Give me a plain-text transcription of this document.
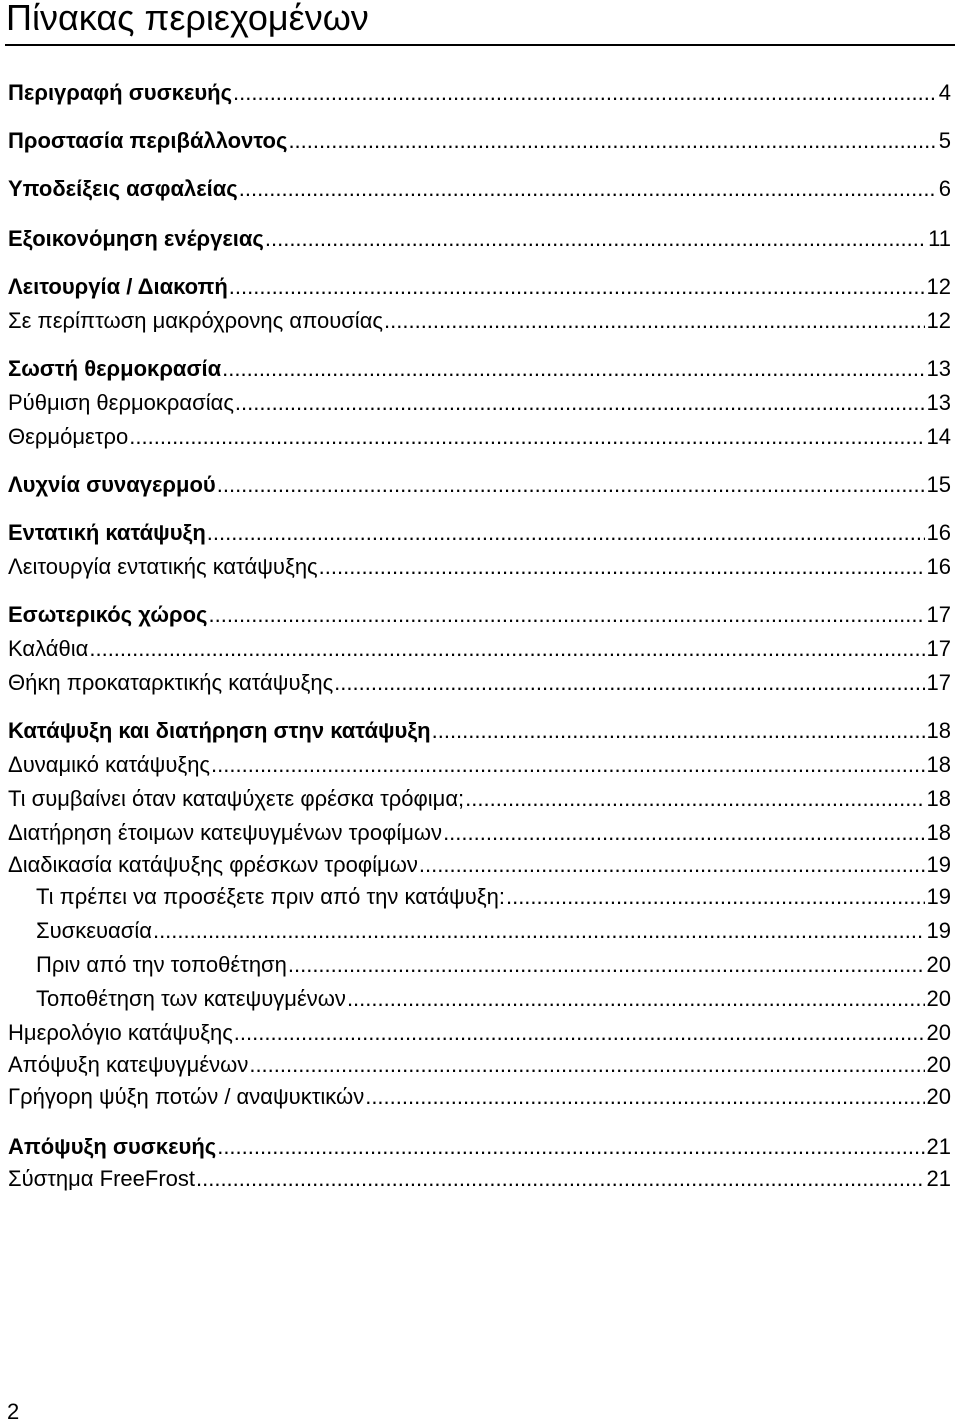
Πίνακας περιεχομένων
Περιγραφή συσκευής .....	4
Προστασία περιβάλλοντος .....	5
Υποδείξεις ασφαλείας .....	6
Εξοικονόμηση ενέργειας .....	11
Λειτουργία / Διακοπή .....	12
Σε περίπτωση μακρόχρονης απουσίας .....	12
Σωστή θερμοκρασία .....	13
Ρύθμιση θερμοκρασίας .....	13
Θερμόμετρο .....	14
Λυχνία συναγερμού .....	15
Εντατική κατάψυξη .....	16
Λειτουργία εντατικής κατάψυξης .....	16
Εσωτερικός χώρος .....	17
Καλάθια .....	17
Θήκη προκαταρκτικής κατάψυξης .....	17
Κατάψυξη και διατήρηση στην κατάψυξη .....	18
Δυναμικό κατάψυξης .....	18
Τι συμβαίνει όταν καταψύχετε φρέσκα τρόφιμα; .....	18
Διατήρηση έτοιμων κατεψυγμένων τροφίμων .....	18
Διαδικασία κατάψυξης φρέσκων τροφίμων .....	19
Τι πρέπει να προσέξετε πριν από την κατάψυξη: .....	19
Συσκευασία .....	19
Πριν από την τοποθέτηση .....	20
Τοποθέτηση των κατεψυγμένων .....	20
Ημερολόγιο κατάψυξης .....	20
Απόψυξη κατεψυγμένων .....	20
Γρήγορη ψύξη ποτών / αναψυκτικών .....	20
Απόψυξη συσκευής .....	21
Σύστημα FreeFrost .....	21
2
